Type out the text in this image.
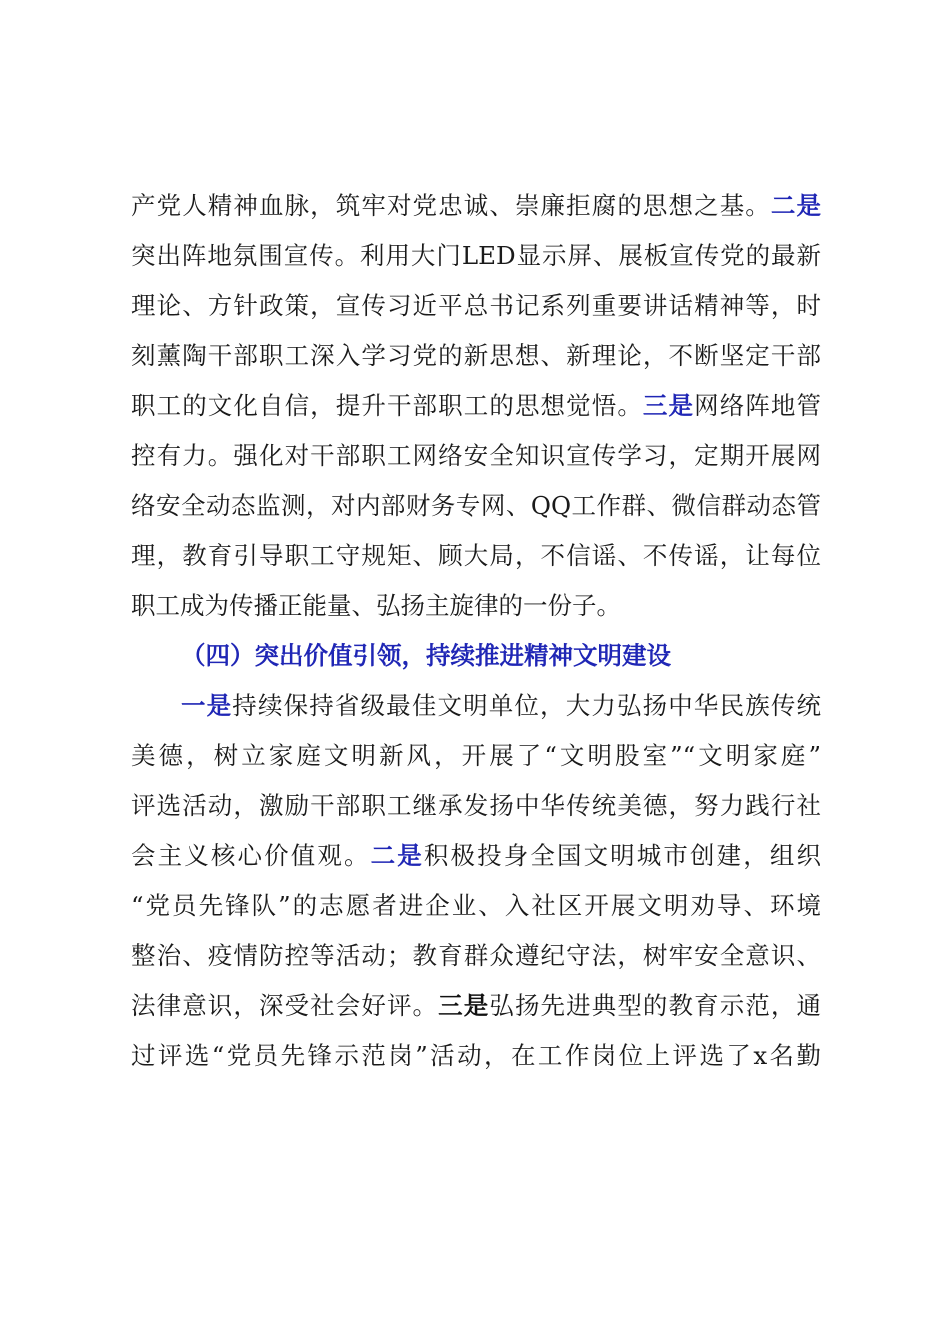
产党人精神血脉，筑牢对党忠诚、崇廉拒腐的思想之基。二是
突出阵地氛围宣传。利用大门LED显示屏、展板宣传党的最新
理论、方针政策，宣传习近平总书记系列重要讲话精神等，时
刻薰陶干部职工深入学习党的新思想、新理论，不断坚定干部
职工的文化自信，提升干部职工的思想觉悟。三是网络阵地管
控有力。强化对干部职工网络安全知识宣传学习，定期开展网
络安全动态监测，对内部财务专网、QQ工作群、微信群动态管
理，教育引导职工守规矩、顾大局，不信谣、不传谣，让每位
职工成为传播正能量、弘扬主旋律的一份子。
（四）突出价值引领，持续推进精神文明建设
一是持续保持省级最佳文明单位，大力弘扬中华民族传统
美德，树立家庭文明新风，开展了“文明股室”“文明家庭”
评选活动，激励干部职工继承发扬中华传统美德，努力践行社
会主义核心价值观。二是积极投身全国文明城市创建，组织
“党员先锋队”的志愿者进企业、入社区开展文明劝导、环境
整治、疫情防控等活动；教育群众遵纪守法，树牢安全意识、
法律意识，深受社会好评。三是弘扬先进典型的教育示范，通
过评选“党员先锋示范岗”活动，在工作岗位上评选了x名勤
